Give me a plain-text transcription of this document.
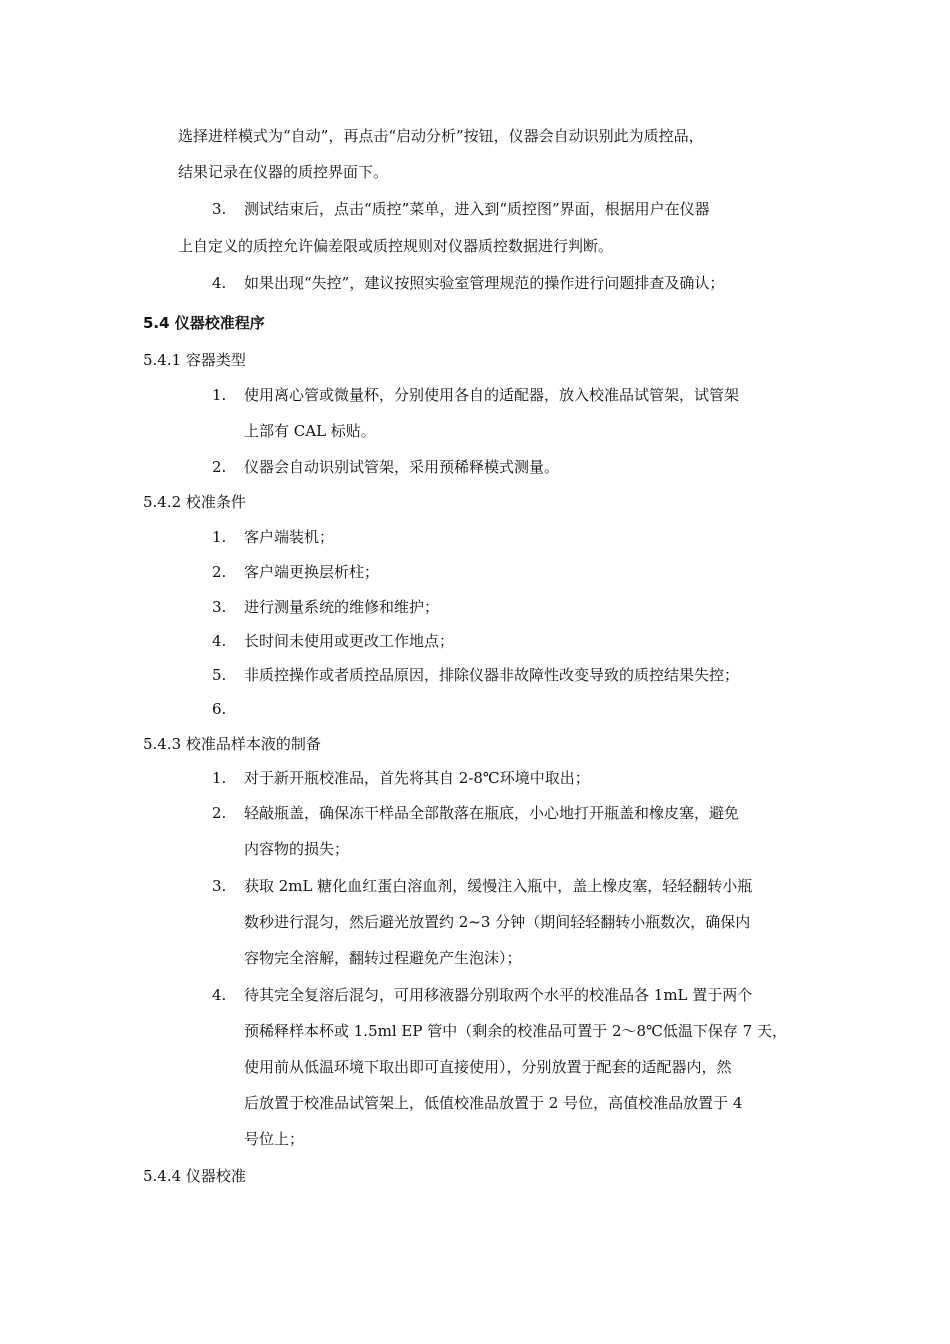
选择进样模式为“自动”，再点击“启动分析”按钮，仪器会自动识别此为质控品，
结果记录在仪器的质控界面下。
3. 测试结束后，点击“质控”菜单，进入到“质控图”界面，根据用户在仪器
上自定义的质控允许偏差限或质控规则对仪器质控数据进行判断。
4. 如果出现“失控”，建议按照实验室管理规范的操作进行问题排查及确认；
5.4 仪器校准程序
5.4.1 容器类型
1. 使用离心管或微量杯，分别使用各自的适配器，放入校准品试管架，试管架
上部有 CAL 标贴。
2. 仪器会自动识别试管架，采用预稀释模式测量。
5.4.2 校准条件
1. 客户端装机；
2. 客户端更换层析柱；
3. 进行测量系统的维修和维护；
4. 长时间未使用或更改工作地点；
5. 非质控操作或者质控品原因，排除仪器非故障性改变导致的质控结果失控；
6.
5.4.3 校准品样本液的制备
1. 对于新开瓶校准品，首先将其自 2-8℃环境中取出；
2. 轻敲瓶盖，确保冻干样品全部散落在瓶底，小心地打开瓶盖和橡皮塞，避免
内容物的损失；
3. 获取 2mL 糖化血红蛋白溶血剂，缓慢注入瓶中，盖上橡皮塞，轻轻翻转小瓶
数秒进行混匀，然后避光放置约 2~3 分钟（期间轻轻翻转小瓶数次，确保内
容物完全溶解，翻转过程避免产生泡沫）；
4. 待其完全复溶后混匀，可用移液器分别取两个水平的校准品各 1mL 置于两个
预稀释样本杯或 1.5ml EP 管中（剩余的校准品可置于 2～8℃低温下保存 7 天，
使用前从低温环境下取出即可直接使用），分别放置于配套的适配器内，然
后放置于校准品试管架上，低值校准品放置于 2 号位，高值校准品放置于 4
号位上；
5.4.4 仪器校准
